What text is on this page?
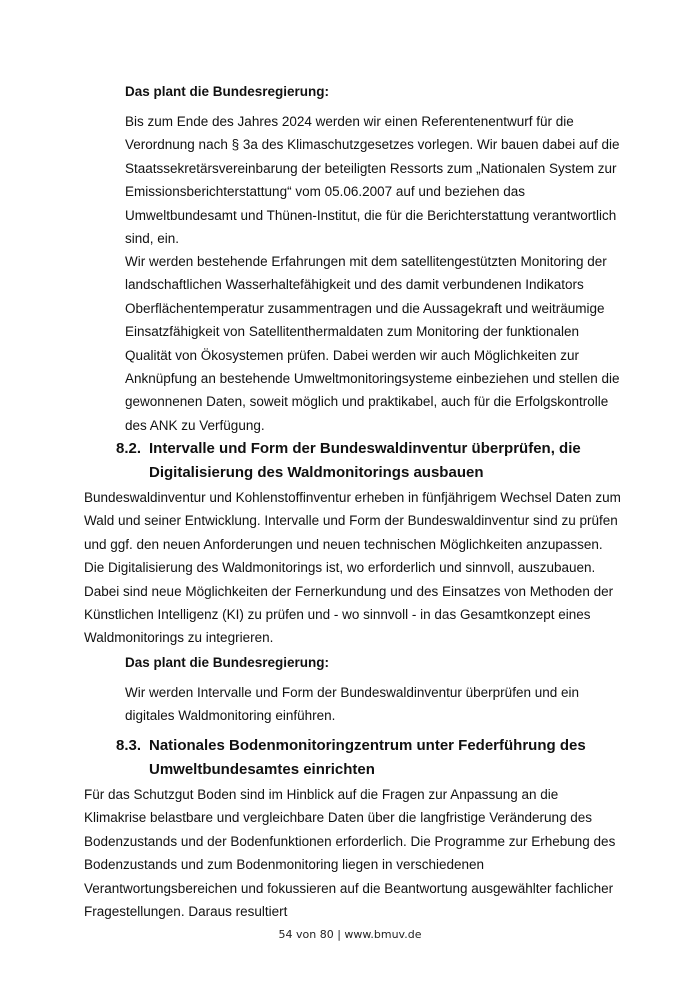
Das plant die Bundesregierung:

Bis zum Ende des Jahres 2024 werden wir einen Referentenentwurf für die Verordnung nach § 3a des Klimaschutzgesetzes vorlegen. Wir bauen dabei auf die Staatssekretärsvereinbarung der beteiligten Ressorts zum „Nationalen System zur Emissionsberichterstattung“ vom 05.06.2007 auf und beziehen das Umweltbundesamt und Thünen-Institut, die für die Berichterstattung verantwortlich sind, ein.

Wir werden bestehende Erfahrungen mit dem satellitengestützten Monitoring der landschaftlichen Wasserhaltefähigkeit und des damit verbundenen Indikators Oberflächentemperatur zusammentragen und die Aussagekraft und weiträumige Einsatzfähigkeit von Satellitenthermaldaten zum Monitoring der funktionalen Qualität von Ökosystemen prüfen. Dabei werden wir auch Möglichkeiten zur Anknüpfung an bestehende Umweltmonitoringsysteme einbeziehen und stellen die gewonnenen Daten, soweit möglich und praktikabel, auch für die Erfolgskontrolle des ANK zu Verfügung.

8.2. Intervalle und Form der Bundeswaldinventur überprüfen, die Digitalisierung des Waldmonitorings ausbauen

Bundeswaldinventur und Kohlenstoffinventur erheben in fünfjährigem Wechsel Daten zum Wald und seiner Entwicklung. Intervalle und Form der Bundeswaldinventur sind zu prüfen und ggf. den neuen Anforderungen und neuen technischen Möglichkeiten anzupassen. Die Digitalisierung des Waldmonitorings ist, wo erforderlich und sinnvoll, auszubauen. Dabei sind neue Möglichkeiten der Fernerkundung und des Einsatzes von Methoden der Künstlichen Intelligenz (KI) zu prüfen und - wo sinnvoll - in das Gesamtkonzept eines Waldmonitorings zu integrieren.

Das plant die Bundesregierung:

Wir werden Intervalle und Form der Bundeswaldinventur überprüfen und ein digitales Waldmonitoring einführen.

8.3. Nationales Bodenmonitoringzentrum unter Federführung des Umweltbundesamtes einrichten

Für das Schutzgut Boden sind im Hinblick auf die Fragen zur Anpassung an die Klimakrise belastbare und vergleichbare Daten über die langfristige Veränderung des Bodenzustands und der Bodenfunktionen erforderlich. Die Programme zur Erhebung des Bodenzustands und zum Bodenmonitoring liegen in verschiedenen Verantwortungsbereichen und fokussieren auf die Beantwortung ausgewählter fachlicher Fragestellungen. Daraus resultiert

54 von 80 | www.bmuv.de
